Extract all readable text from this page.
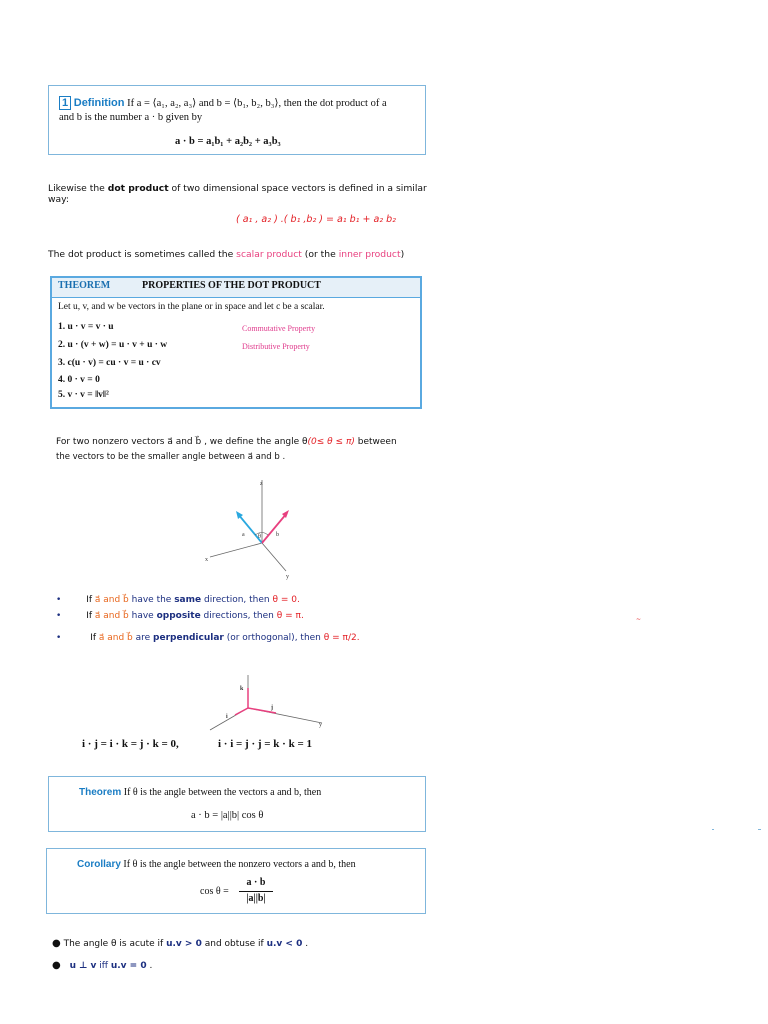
1 Definition If a = ⟨a₁, a₂, a₃⟩ and b = ⟨b₁, b₂, b₃⟩, then the dot product of a
and b is the number a · b given by
a · b = a₁b₁ + a₂b₂ + a₃b₃
Likewise the dot product of two dimensional space vectors is defined in a similar
way:
( a₁ , a₂ ) .( b₁ ,b₂ ) = a₁ b₁ + a₂ b₂
The dot product is sometimes called the scalar product (or the inner product)
THEOREM	PROPERTIES OF THE DOT PRODUCT
Let u, v, and w be vectors in the plane or in space and let c be a scalar.
1. u · v = v · u
2. u · (v + w) = u · v + u · w
3. c(u · v) = cu · v = u · cv
4. 0 · v = 0
5. v · v = ‖v‖²
Commutative Property
Distributive Property
For two nonzero vectors a⃗ and b⃗ , we define the angle θ(0≤ θ ≤ π) between
the vectors to be the smaller angle between a⃗ and b .
z
a θ	b
x
y
•	If a⃗ and b⃗ have the same direction, then θ = 0.
•	If a⃗ and b⃗ have opposite directions, then θ = π.
•	If a⃗ and b⃗ are perpendicular (or orthogonal), then θ = π/2.
~
k
i
j
y
i · j = i · k = j · k = 0,	i · i = j · j = k · k = 1
Theorem If θ is the angle between the vectors a and b, then
a · b = |a||b| cos θ
Corollary If θ is the angle between the nonzero vectors a and b, then
cos θ =
a · b
|a||b|
● The angle θ is acute if u.v > 0 and obtuse if u.v < 0 .
● u ⊥ v iff u.v = 0 .
